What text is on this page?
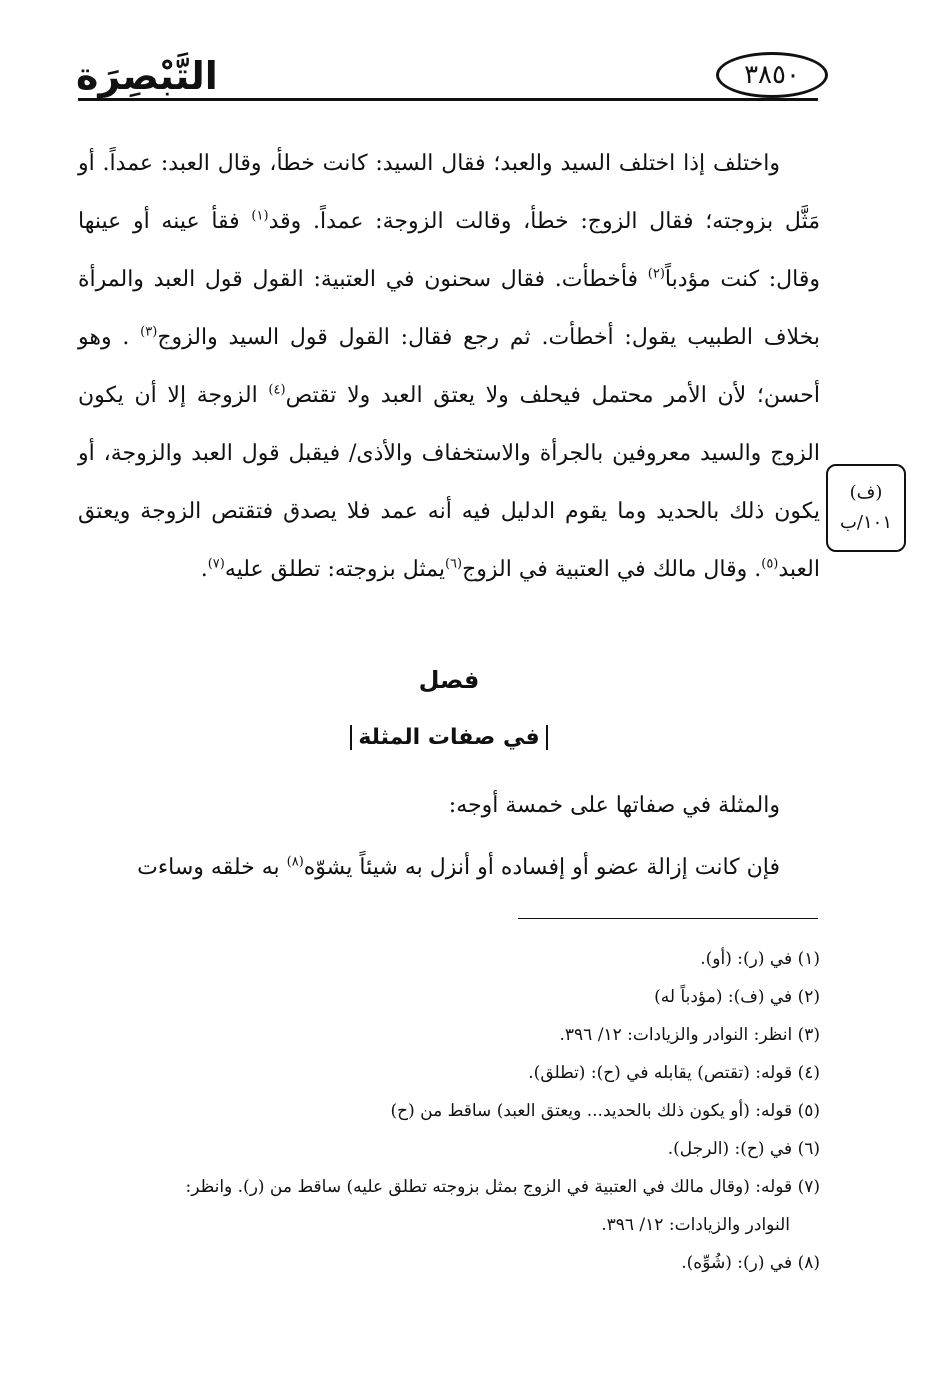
التَّبْصِرَة	٣٨٥٠
(ف)
١٠١/ب

واختلف إذا اختلف السيد والعبد؛ فقال السيد: كانت خطأ، وقال العبد: عمداً. أو مَثَّل بزوجته؛ فقال الزوج: خطأ، وقالت الزوجة: عمداً. وقد$^{(١)}$ فقأ عينه أو عينها وقال: كنت مؤدباً$^{(٢)}$ فأخطأت. فقال سحنون في العتبية: القول قول العبد والمرأة بخلاف الطبيب يقول: أخطأت. ثم رجع فقال: القول قول السيد والزوج$^{(٣)}$ . وهو أحسن؛ لأن الأمر محتمل فيحلف ولا يعتق العبد ولا تقتص$^{(٤)}$ الزوجة إلا أن يكون الزوج والسيد معروفين بالجرأة والاستخفاف والأذى/ فيقبل قول العبد والزوجة، أو يكون ذلك بالحديد وما يقوم الدليل فيه أنه عمد فلا يصدق فتقتص الزوجة ويعتق العبد$^{(٥)}$. وقال مالك في العتبية في الزوج$^{(٦)}$يمثل بزوجته: تطلق عليه$^{(٧)}$.

فصل
في صفات المثلة

والمثلة في صفاتها على خمسة أوجه:

فإن كانت إزالة عضو أو إفساده أو أنزل به شيئاً يشوّه$^{(٨)}$ به خلقه وساءت

(١) في (ر): (أو).
(٢) في (ف): (مؤدباً له)
(٣) انظر: النوادر والزيادات: ١٢/ ٣٩٦.
(٤) قوله: (تقتص) يقابله في (ح): (تطلق).
(٥) قوله: (أو يكون ذلك بالحديد... ويعتق العبد) ساقط من (ح)
(٦) في (ح): (الرجل).
(٧) قوله: (وقال مالك في العتبية في الزوج بمثل بزوجته تطلق عليه) ساقط من (ر). وانظر:
النوادر والزيادات: ١٢/ ٣٩٦.
(٨) في (ر): (شُوِّه).
